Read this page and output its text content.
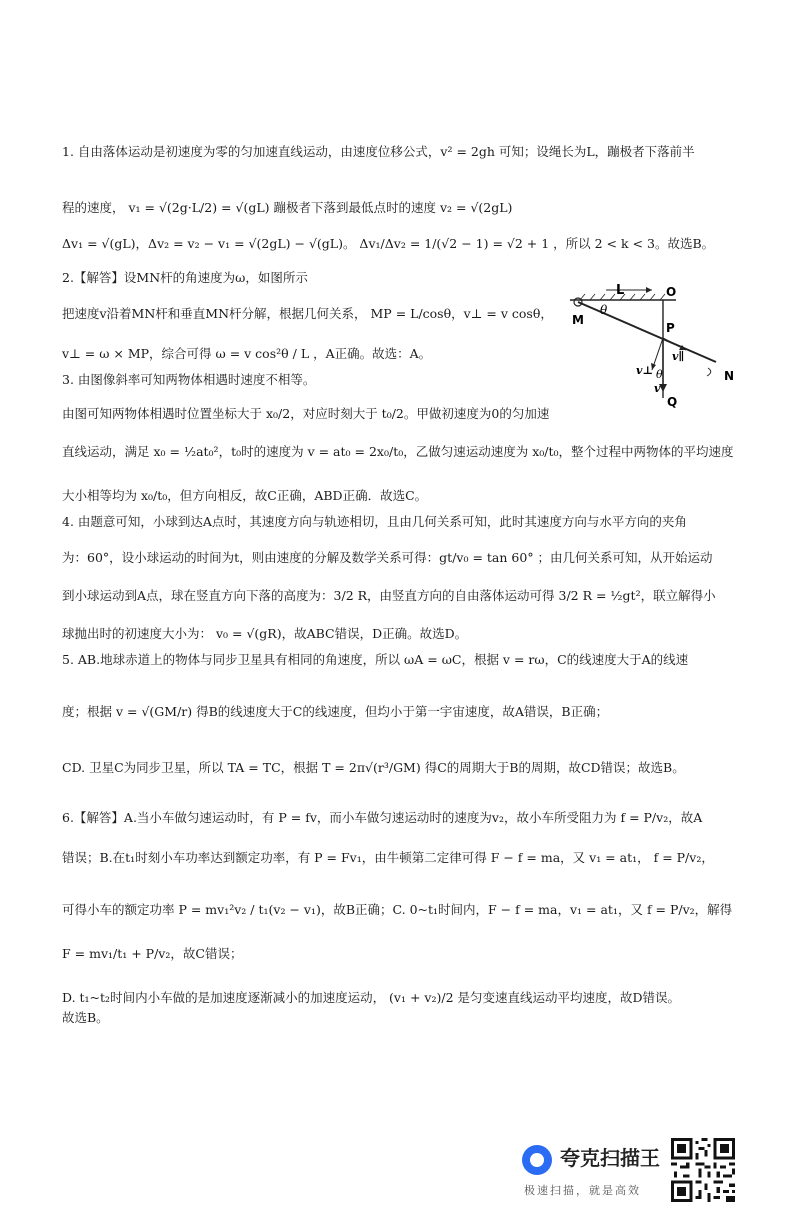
1. 自由落体运动是初速度为零的匀加速直线运动，由速度位移公式，v² = 2gh 可知；设绳长为L，蹦极者下落前半
程的速度， v₁ = √(2g·L/2) = √(gL) 蹦极者下落到最低点时的速度 v₂ = √(2gL)
Δv₁ = √(gL)，Δv₂ = v₂ − v₁ = √(2gL) − √(gL)。 Δv₁/Δv₂ = 1/(√2 − 1) = √2 + 1 ，所以 2 < k < 3。故选B。
2.【解答】设MN杆的角速度为ω，如图所示
把速度v沿着MN杆和垂直MN杆分解，根据几何关系， MP = L/cosθ，v⊥ = v cosθ，
v⊥ = ω × MP，综合可得 ω = v cos²θ / L ，A正确。故选：A。
3. 由图像斜率可知两物体相遇时速度不相等。
由图可知两物体相遇时位置坐标大于 x₀/2，对应时刻大于 t₀/2。甲做初速度为0的匀加速
直线运动，满足 x₀ = ½at₀²，t₀时的速度为 v = at₀ = 2x₀/t₀，乙做匀速运动速度为 x₀/t₀，整个过程中两物体的平均速度
大小相等均为 x₀/t₀，但方向相反，故C正确，ABD正确．故选C。
4. 由题意可知，小球到达A点时，其速度方向与轨迹相切，且由几何关系可知，此时其速度方向与水平方向的夹角
为：60°，设小球运动的时间为t，则由速度的分解及数学关系可得：gt/v₀ = tan 60° ；由几何关系可知，从开始运动
到小球运动到A点，球在竖直方向下落的高度为：3/2 R，由竖直方向的自由落体运动可得 3/2 R = ½gt²，联立解得小
球抛出时的初速度大小为： v₀ = √(gR)，故ABC错误，D正确。故选D。
5. AB.地球赤道上的物体与同步卫星具有相同的角速度，所以 ωA = ωC，根据 v = rω，C的线速度大于A的线速
度；根据 v = √(GM/r) 得B的线速度大于C的线速度，但均小于第一宇宙速度，故A错误，B正确；
CD. 卫星C为同步卫星，所以 TA = TC，根据 T = 2π√(r³/GM) 得C的周期大于B的周期，故CD错误；故选B。
6.【解答】A.当小车做匀速运动时，有 P = fv，而小车做匀速运动时的速度为v₂，故小车所受阻力为 f = P/v₂，故A
错误；B.在t₁时刻小车功率达到额定功率，有 P = Fv₁，由牛顿第二定律可得 F − f = ma，又 v₁ = at₁， f = P/v₂，
可得小车的额定功率 P = mv₁²v₂ / t₁(v₂ − v₁)，故B正确；C. 0~t₁时间内，F − f = ma，v₁ = at₁，又 f = P/v₂，解得
F = mv₁/t₁ + P/v₂，故C错误；
D. t₁~t₂时间内小车做的是加速度逐渐减小的加速度运动， (v₁ + v₂)/2 是匀变速直线运动平均速度，故D错误。
故选B。
L	O
M
θ
P
v∥
v⊥ θ
v
Q
N
夸克扫描王
极速扫描，就是高效
